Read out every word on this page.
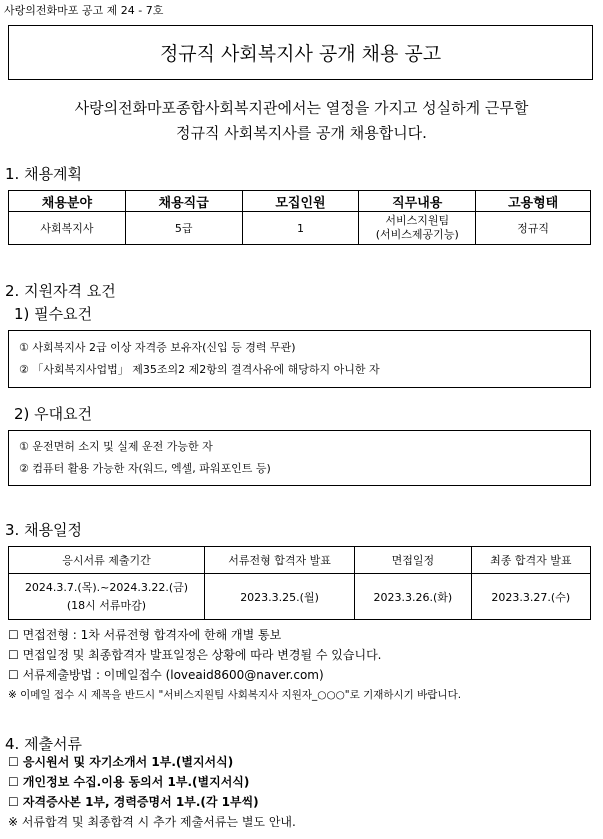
사랑의전화마포 공고 제 24 - 7호
정규직 사회복지사 공개 채용 공고
사랑의전화마포종합사회복지관에서는 열정을 가지고 성실하게 근무할
정규직 사회복지사를 공개 채용합니다.
1. 채용계획
채용분야	채용직급	모집인원	직무내용	고용형태
사회복지사	5급	1	서비스지원팀
(서비스제공기능)	정규직
2. 지원자격 요건
1) 필수요건
① 사회복지사 2급 이상 자격증 보유자(신입 등 경력 무관)
② 「사회복지사업법」 제35조의2 제2항의 결격사유에 해당하지 아니한 자
2) 우대요건
① 운전면허 소지 및 실제 운전 가능한 자
② 컴퓨터 활용 가능한 자(워드, 엑셀, 파워포인트 등)
3. 채용일정
응시서류 제출기간	서류전형 합격자 발표	면접일정	최종 합격자 발표
2024.3.7.(목).~2024.3.22.(금)
(18시 서류마감)	2023.3.25.(월)	2023.3.26.(화)	2023.3.27.(수)
☐ 면접전형 : 1차 서류전형 합격자에 한해 개별 통보
☐ 면접일정 및 최종합격자 발표일정은 상황에 따라 변경될 수 있습니다.
☐ 서류제출방법 : 이메일접수 (loveaid8600@naver.com)
※ 이메일 접수 시 제목을 반드시 "서비스지원팀 사회복지사 지원자_○○○"로 기재하시기 바랍니다.
4. 제출서류
☐ 응시원서 및 자기소개서 1부.(별지서식)
☐ 개인정보 수집.이용 동의서 1부.(별지서식)
☐ 자격증사본 1부, 경력증명서 1부.(각 1부씩)
※ 서류합격 및 최종합격 시 추가 제출서류는 별도 안내.
